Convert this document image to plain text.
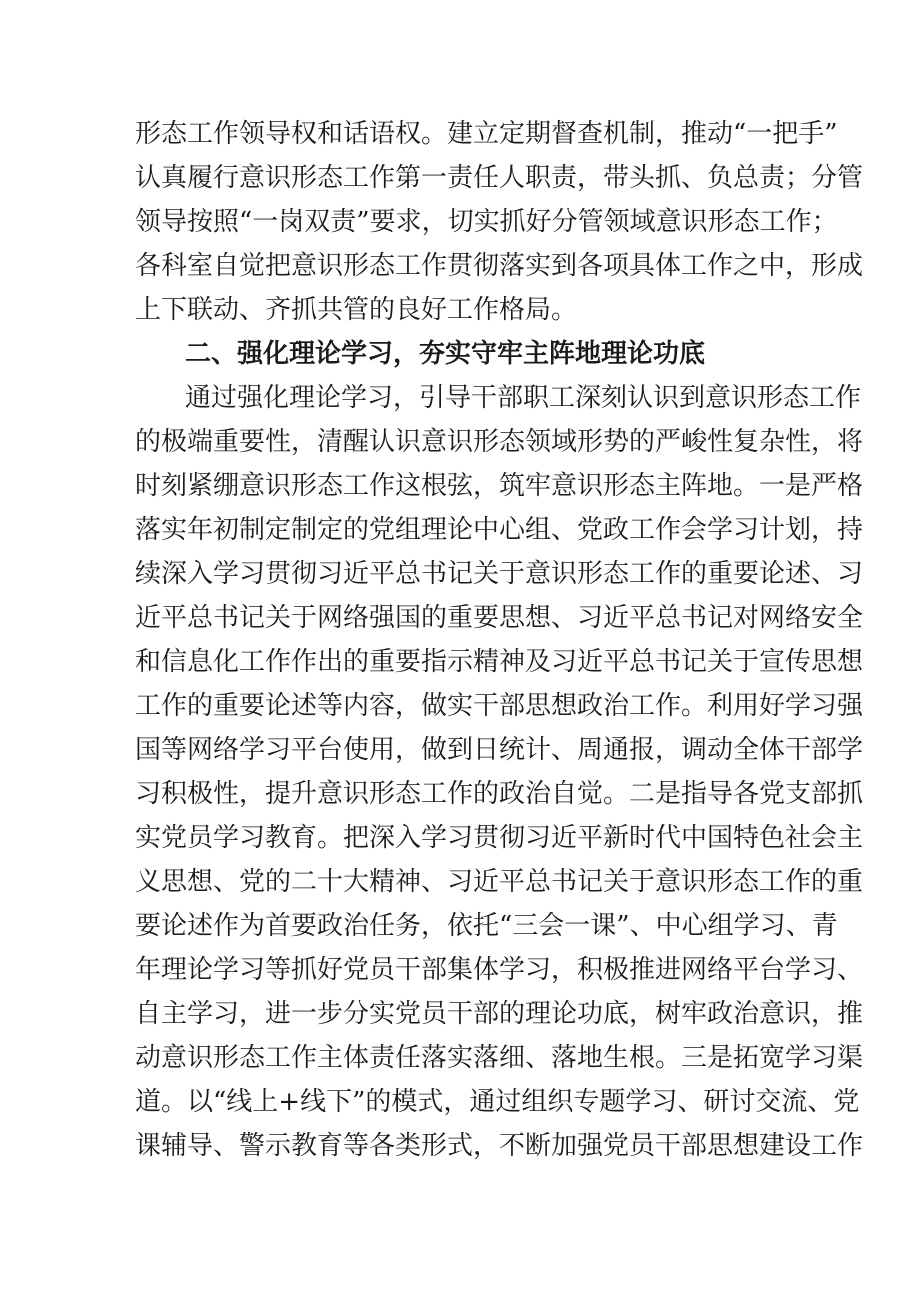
形态工作领导权和话语权。建立定期督查机制，推动“一把手”
认真履行意识形态工作第一责任人职责，带头抓、负总责；分管
领导按照“一岗双责”要求，切实抓好分管领域意识形态工作；
各科室自觉把意识形态工作贯彻落实到各项具体工作之中，形成
上下联动、齐抓共管的良好工作格局。
二、强化理论学习，夯实守牢主阵地理论功底
通过强化理论学习，引导干部职工深刻认识到意识形态工作
的极端重要性，清醒认识意识形态领域形势的严峻性复杂性，将
时刻紧绷意识形态工作这根弦，筑牢意识形态主阵地。一是严格
落实年初制定制定的党组理论中心组、党政工作会学习计划，持
续深入学习贯彻习近平总书记关于意识形态工作的重要论述、习
近平总书记关于网络强国的重要思想、习近平总书记对网络安全
和信息化工作作出的重要指示精神及习近平总书记关于宣传思想
工作的重要论述等内容，做实干部思想政治工作。利用好学习强
国等网络学习平台使用，做到日统计、周通报，调动全体干部学
习积极性，提升意识形态工作的政治自觉。二是指导各党支部抓
实党员学习教育。把深入学习贯彻习近平新时代中国特色社会主
义思想、党的二十大精神、习近平总书记关于意识形态工作的重
要论述作为首要政治任务，依托“三会一课”、中心组学习、青
年理论学习等抓好党员干部集体学习，积极推进网络平台学习、
自主学习，进一步分实党员干部的理论功底，树牢政治意识，推
动意识形态工作主体责任落实落细、落地生根。三是拓宽学习渠
道。以“线上+线下”的模式，通过组织专题学习、研讨交流、党
课辅导、警示教育等各类形式，不断加强党员干部思想建设工作
